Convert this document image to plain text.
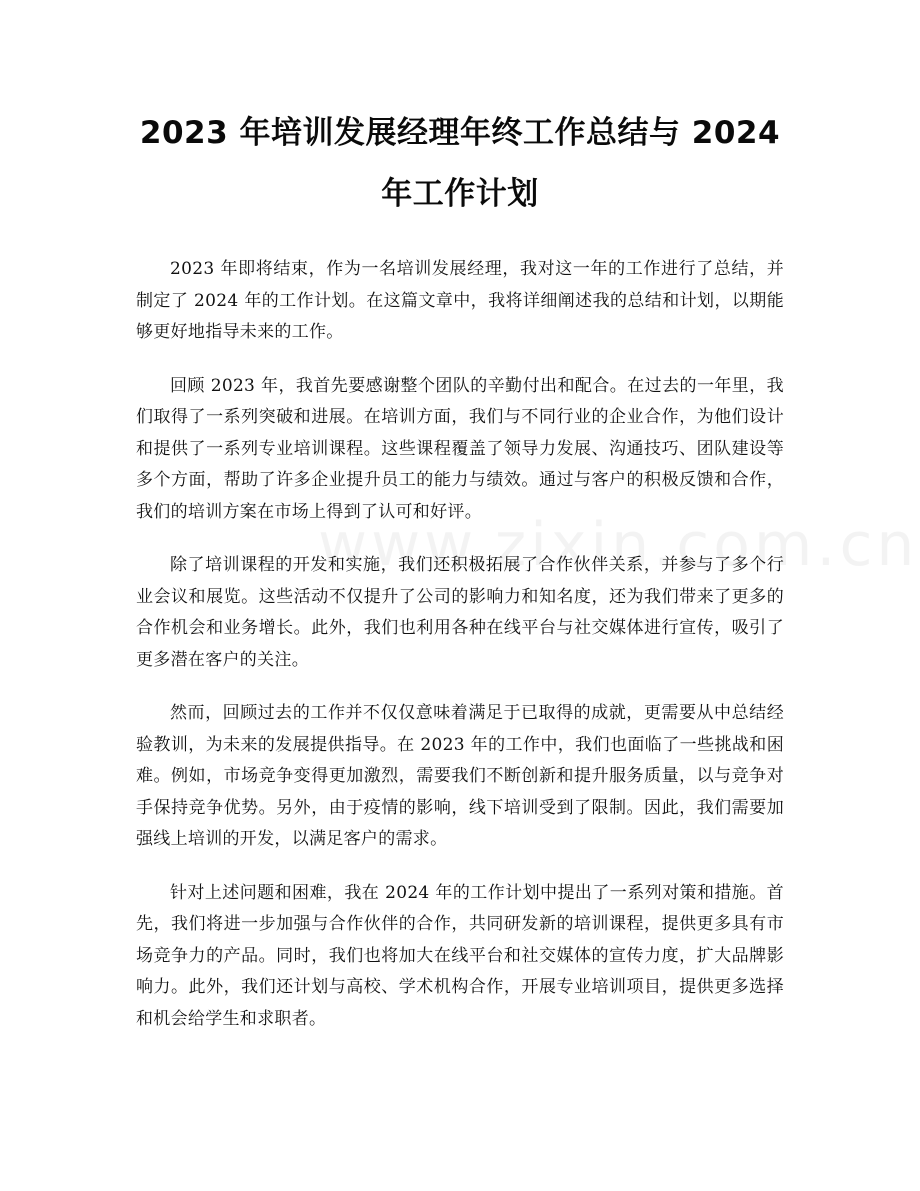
2023 年培训发展经理年终工作总结与 2024
年工作计划

2023 年即将结束，作为一名培训发展经理，我对这一年的工作进行了总结，并制定了 2024 年的工作计划。在这篇文章中，我将详细阐述我的总结和计划，以期能够更好地指导未来的工作。

回顾 2023 年，我首先要感谢整个团队的辛勤付出和配合。在过去的一年里，我们取得了一系列突破和进展。在培训方面，我们与不同行业的企业合作，为他们设计和提供了一系列专业培训课程。这些课程覆盖了领导力发展、沟通技巧、团队建设等多个方面，帮助了许多企业提升员工的能力与绩效。通过与客户的积极反馈和合作，我们的培训方案在市场上得到了认可和好评。

除了培训课程的开发和实施，我们还积极拓展了合作伙伴关系，并参与了多个行业会议和展览。这些活动不仅提升了公司的影响力和知名度，还为我们带来了更多的合作机会和业务增长。此外，我们也利用各种在线平台与社交媒体进行宣传，吸引了更多潜在客户的关注。

然而，回顾过去的工作并不仅仅意味着满足于已取得的成就，更需要从中总结经验教训，为未来的发展提供指导。在 2023 年的工作中，我们也面临了一些挑战和困难。例如，市场竞争变得更加激烈，需要我们不断创新和提升服务质量，以与竞争对手保持竞争优势。另外，由于疫情的影响，线下培训受到了限制。因此，我们需要加强线上培训的开发，以满足客户的需求。

针对上述问题和困难，我在 2024 年的工作计划中提出了一系列对策和措施。首先，我们将进一步加强与合作伙伴的合作，共同研发新的培训课程，提供更多具有市场竞争力的产品。同时，我们也将加大在线平台和社交媒体的宣传力度，扩大品牌影响力。此外，我们还计划与高校、学术机构合作，开展专业培训项目，提供更多选择和机会给学生和求职者。
